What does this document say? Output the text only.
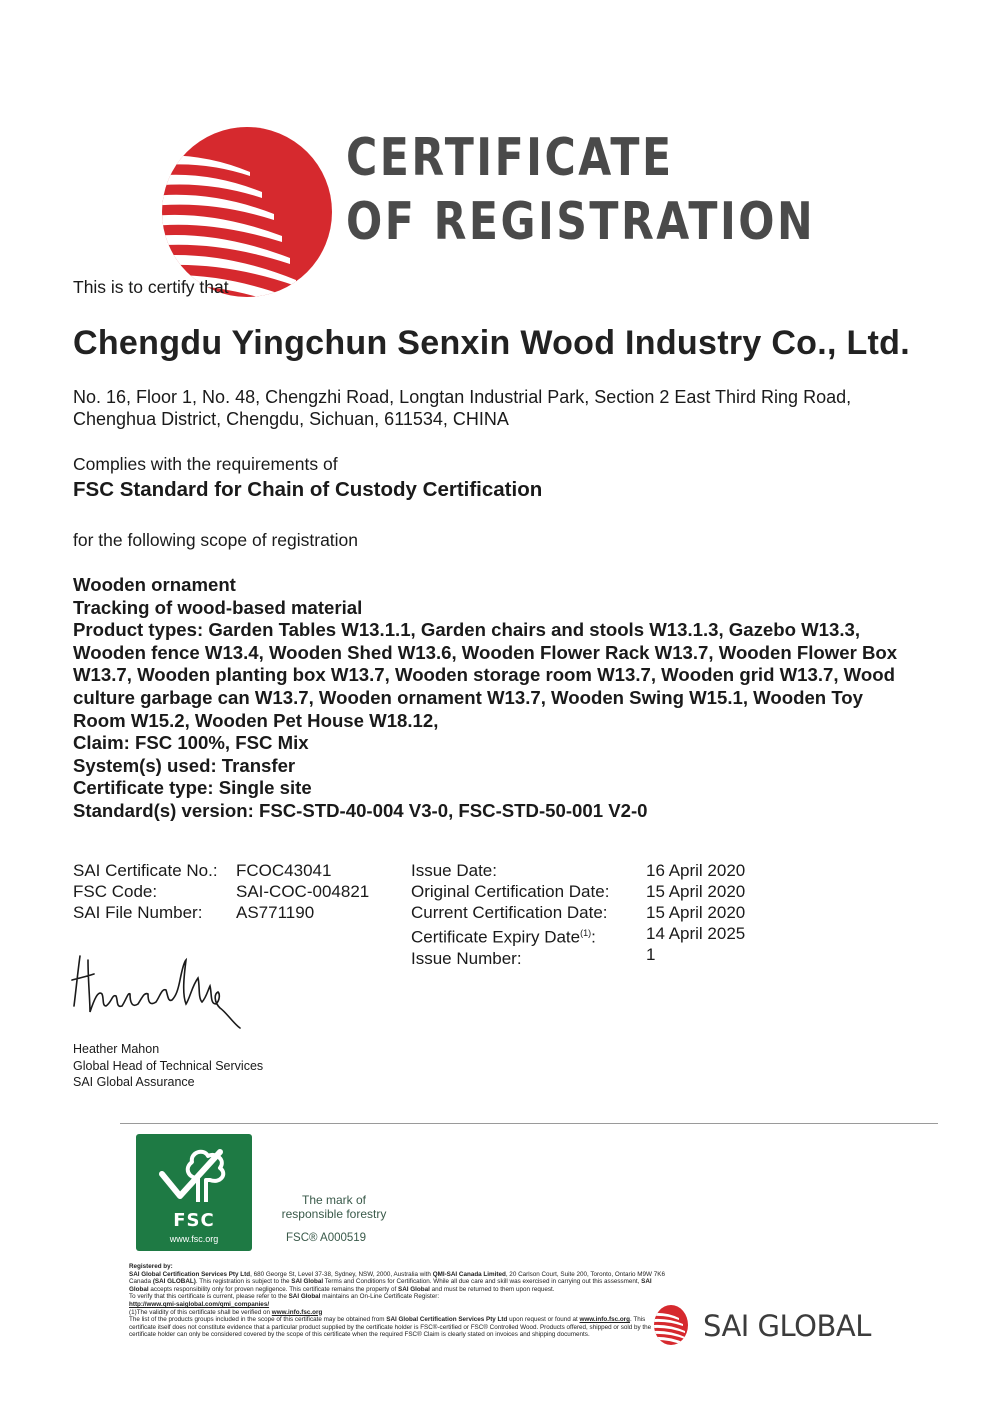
CERTIFICATE
OF REGISTRATION
This is to certify that
Chengdu Yingchun Senxin Wood Industry Co., Ltd.
No. 16, Floor 1, No. 48, Chengzhi Road, Longtan Industrial Park, Section 2 East Third Ring Road,
Chenghua District, Chengdu, Sichuan, 611534, CHINA
Complies with the requirements of
FSC Standard for Chain of Custody Certification
for the following scope of registration
Wooden ornament
Tracking of wood-based material
Product types: Garden Tables W13.1.1, Garden chairs and stools W13.1.3, Gazebo W13.3,
Wooden fence W13.4, Wooden Shed W13.6, Wooden Flower Rack W13.7, Wooden Flower Box
W13.7, Wooden planting box W13.7, Wooden storage room W13.7, Wooden grid W13.7, Wood
culture garbage can W13.7, Wooden ornament W13.7, Wooden Swing W15.1, Wooden Toy
Room W15.2, Wooden Pet House W18.12,
Claim: FSC 100%, FSC Mix
System(s) used: Transfer
Certificate type: Single site
Standard(s) version: FSC-STD-40-004 V3-0, FSC-STD-50-001 V2-0
SAI Certificate No.:
FSC Code:
SAI File Number:
FCOC43041
SAI-COC-004821
AS771190
Issue Date:
Original Certification Date:
Current Certification Date:
Certificate Expiry Date$^{(1)}$:
Issue Number:
16 April 2020
15 April 2020
15 April 2020
14 April 2025
1
Heather Mahon
Global Head of Technical Services
SAI Global Assurance
FSC
www.fsc.org
The mark of
responsible forestry
FSC® A000519
Registered by:
SAI Global Certification Services Pty Ltd, 680 George St, Level 37-38, Sydney, NSW, 2000, Australia with QMI-SAI Canada Limited, 20 Carlson Court, Suite 200, Toronto, Ontario M9W 7K6 Canada (SAI GLOBAL). This registration is subject to the SAI Global Terms and Conditions for Certification. While all due care and skill was exercised in carrying out this assessment, SAI Global accepts responsibility only for proven negligence. This certificate remains the property of SAI Global and must be returned to them upon request.
To verify that this certificate is current, please refer to the SAI Global maintains an On-Line Certificate Register:
http://www.qmi-saiglobal.com/qmi_companies/
(1)The validity of this certificate shall be verified on www.info.fsc.org
The list of the products groups included in the scope of this certificate may be obtained from SAI Global Certification Services Pty Ltd upon request or found at www.info.fsc.org. This certificate itself does not constitute evidence that a particular product supplied by the certificate holder is FSC®-certified or FSC® Controlled Wood. Products offered, shipped or sold by the certificate holder can only be considered covered by the scope of this certificate when the required FSC® Claim is clearly stated on invoices and shipping documents.	SAI GLOBAL
